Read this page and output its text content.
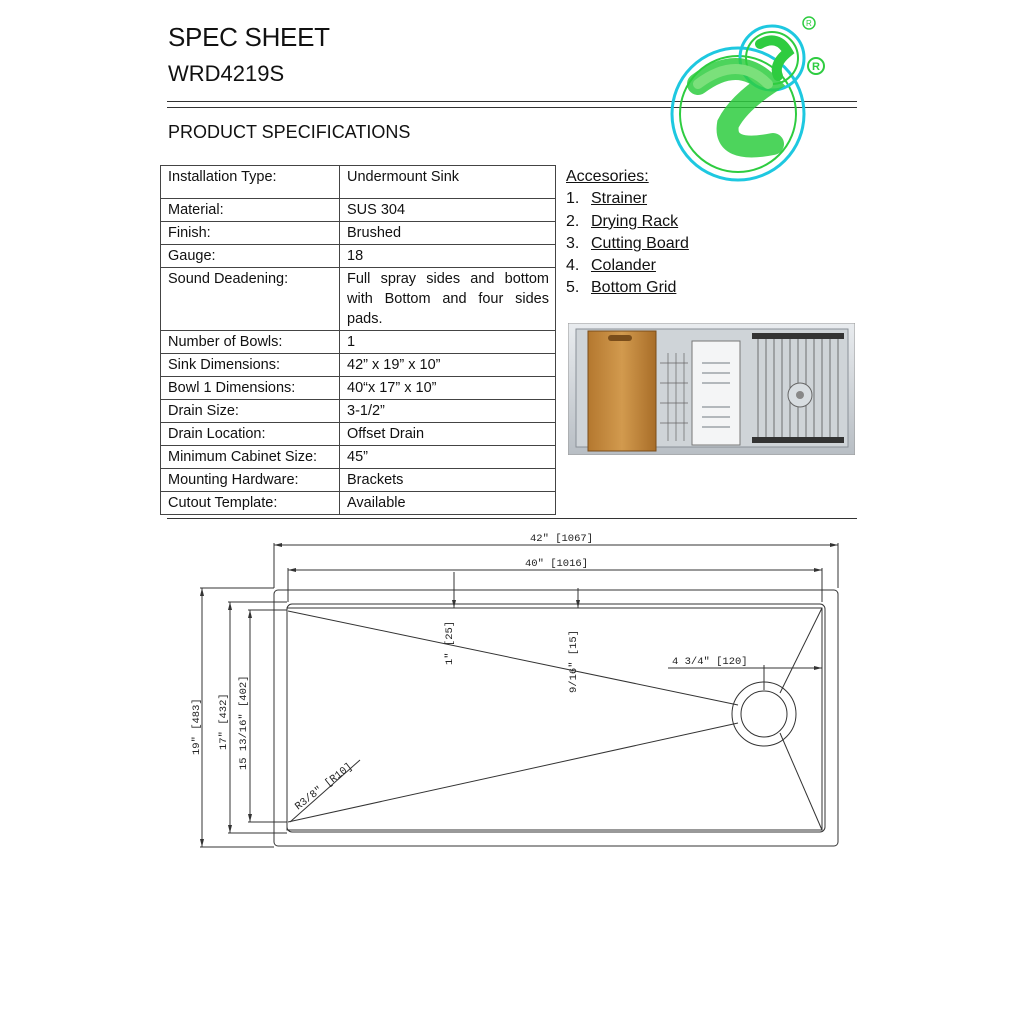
SPEC SHEET
WRD4219S
PRODUCT SPECIFICATIONS
R
R
Installation Type:	Undermount Sink
Material:	SUS 304
Finish:	Brushed
Gauge:	18
Sound Deadening:	Full spray sides and bottom with Bottom and four sides pads.
Number of Bowls:	1
Sink Dimensions:	42” x 19” x 10”
Bowl 1 Dimensions:	40“x 17” x 10”
Drain Size:	3-1/2”
Drain Location:	Offset Drain
Minimum Cabinet Size:	45”
Mounting Hardware:	Brackets
Cutout Template:	Available
Accesories:
1. Strainer
2. Drying Rack
3. Cutting Board
4. Colander
5. Bottom Grid
42" [1067]
40" [1016]
19" [483] 17" [432] 15 13/16" [402]
1" [25]	9/16" [15]	4 3/4" [120]
R3/8" [R10]
